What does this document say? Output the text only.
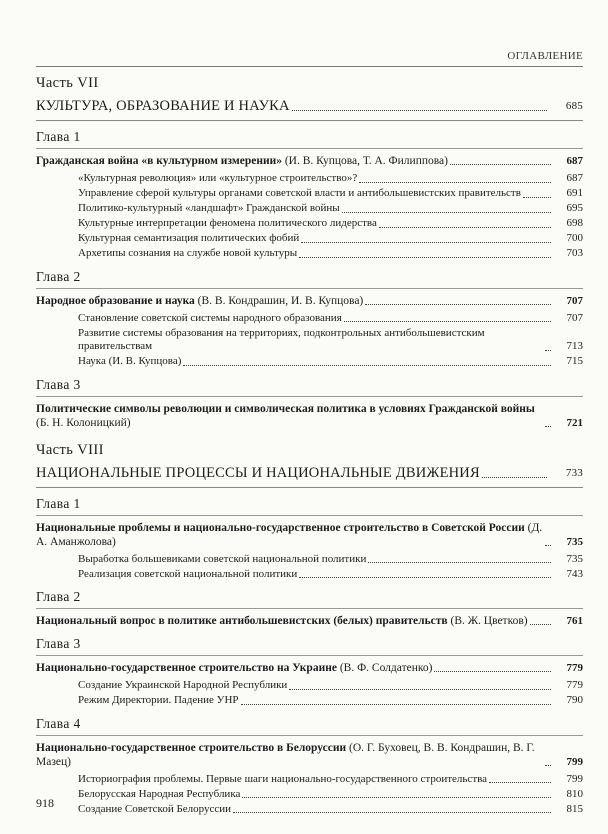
ОГЛАВЛЕНИЕ
Часть VII
КУЛЬТУРА, ОБРАЗОВАНИЕ И НАУКА	685
Глава 1
Гражданская война «в культурном измерении» (И. В. Купцова, Т. А. Филиппова)	687
«Культурная революция» или «культурное строительство»?	687
Управление сферой культуры органами советской власти и антибольшевистских правительств	691
Политико-культурный «ландшафт» Гражданской войны	695
Культурные интерпретации феномена политического лидерства	698
Культурная семантизация политических фобий	700
Архетипы сознания на службе новой культуры	703
Глава 2
Народное образование и наука (В. В. Кондрашин, И. В. Купцова)	707
Становление советской системы народного образования	707
Развитие системы образования на территориях, подконтрольных антибольшевистским правительствам	713
Наука (И. В. Купцова)	715
Глава 3
Политические символы революции и символическая политика в условиях Гражданской войны (Б. Н. Колоницкий)	721
Часть VIII
НАЦИОНАЛЬНЫЕ ПРОЦЕССЫ И НАЦИОНАЛЬНЫЕ ДВИЖЕНИЯ	733
Глава 1
Национальные проблемы и национально-государственное строительство в Советской России (Д. А. Аманжолова)	735
Выработка большевиками советской национальной политики	735
Реализация советской национальной политики	743
Глава 2
Национальный вопрос в политике антибольшевистских (белых) правительств (В. Ж. Цветков)	761
Глава 3
Национально-государственное строительство на Украине (В. Ф. Солдатенко)	779
Создание Украинской Народной Республики	779
Режим Директории. Падение УНР	790
Глава 4
Национально-государственное строительство в Белоруссии (О. Г. Буховец, В. В. Кондрашин, В. Г. Мазец)	799
Историография проблемы. Первые шаги национально-государственного строительства	799
Белорусская Народная Республика	810
Создание Советской Белоруссии	815
918
